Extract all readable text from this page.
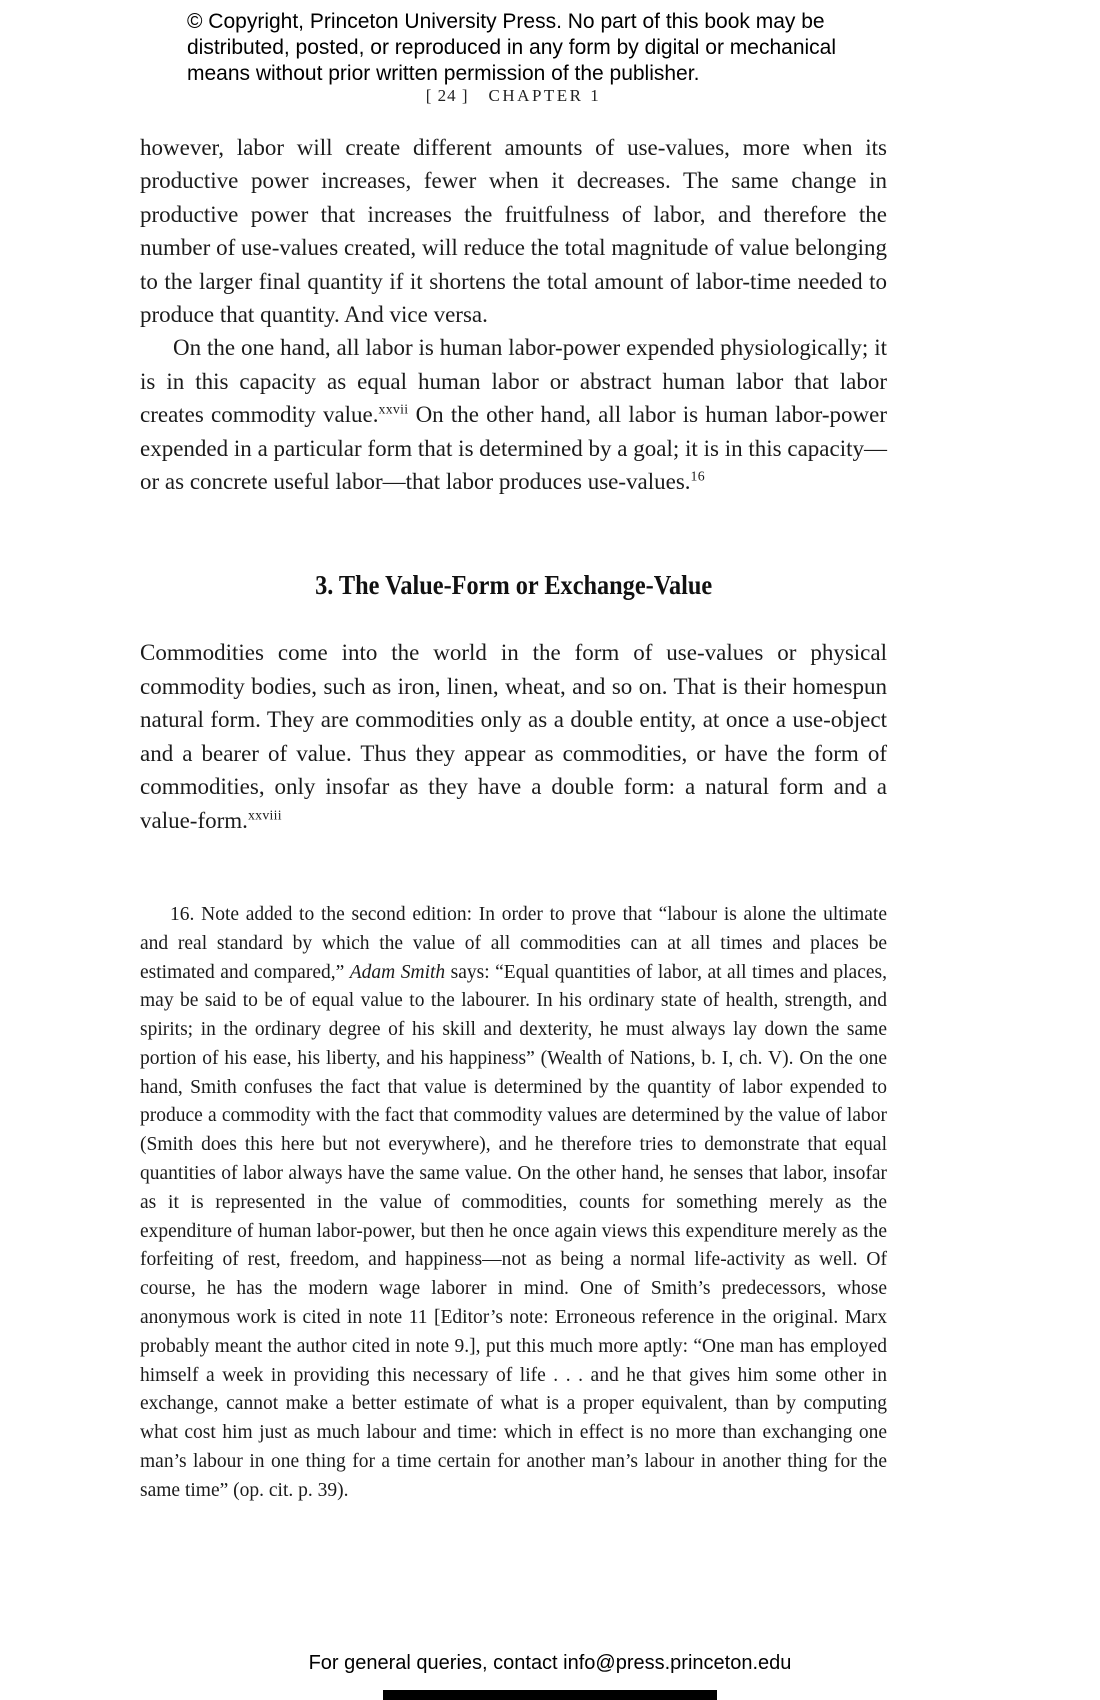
© Copyright, Princeton University Press. No part of this book may be
distributed, posted, or reproduced in any form by digital or mechanical
means without prior written permission of the publisher.
[ 24 ] CHAPTER 1

however, labor will create different amounts of use-values, more when its productive power increases, fewer when it decreases. The same change in productive power that increases the fruitfulness of labor, and therefore the number of use-values created, will reduce the total magnitude of value belonging to the larger final quantity if it shortens the total amount of labor-time needed to produce that quantity. And vice versa.

On the one hand, all labor is human labor-power expended physiologically; it is in this capacity as equal human labor or abstract human labor that labor creates commodity value.$^{xxvii}$ On the other hand, all labor is human labor-power expended in a particular form that is determined by a goal; it is in this capacity—or as concrete useful labor—that labor produces use-values.$^{16}$

3. The Value-Form or Exchange-Value

Commodities come into the world in the form of use-values or physical commodity bodies, such as iron, linen, wheat, and so on. That is their homespun natural form. They are commodities only as a double entity, at once a use-object and a bearer of value. Thus they appear as commodities, or have the form of commodities, only insofar as they have a double form: a natural form and a value-form.$^{xxviii}$

16. Note added to the second edition: In order to prove that “labour is alone the ultimate and real standard by which the value of all commodities can at all times and places be estimated and compared,” Adam Smith says: “Equal quantities of labor, at all times and places, may be said to be of equal value to the labourer. In his ordinary state of health, strength, and spirits; in the ordinary degree of his skill and dexterity, he must always lay down the same portion of his ease, his liberty, and his happiness” (Wealth of Nations, b. I, ch. V). On the one hand, Smith confuses the fact that value is determined by the quantity of labor expended to produce a commodity with the fact that commodity values are determined by the value of labor (Smith does this here but not everywhere), and he therefore tries to demonstrate that equal quantities of labor always have the same value. On the other hand, he senses that labor, insofar as it is represented in the value of commodities, counts for something merely as the expenditure of human labor-power, but then he once again views this expenditure merely as the forfeiting of rest, freedom, and happiness—not as being a normal life-activity as well. Of course, he has the modern wage laborer in mind. One of Smith’s predecessors, whose anonymous work is cited in note 11 [Editor’s note: Erroneous reference in the original. Marx probably meant the author cited in note 9.], put this much more aptly: “One man has employed himself a week in providing this necessary of life . . . and he that gives him some other in exchange, cannot make a better estimate of what is a proper equivalent, than by computing what cost him just as much labour and time: which in effect is no more than exchanging one man’s labour in one thing for a time certain for another man’s labour in another thing for the same time” (op. cit. p. 39).
For general queries, contact info@press.princeton.edu
